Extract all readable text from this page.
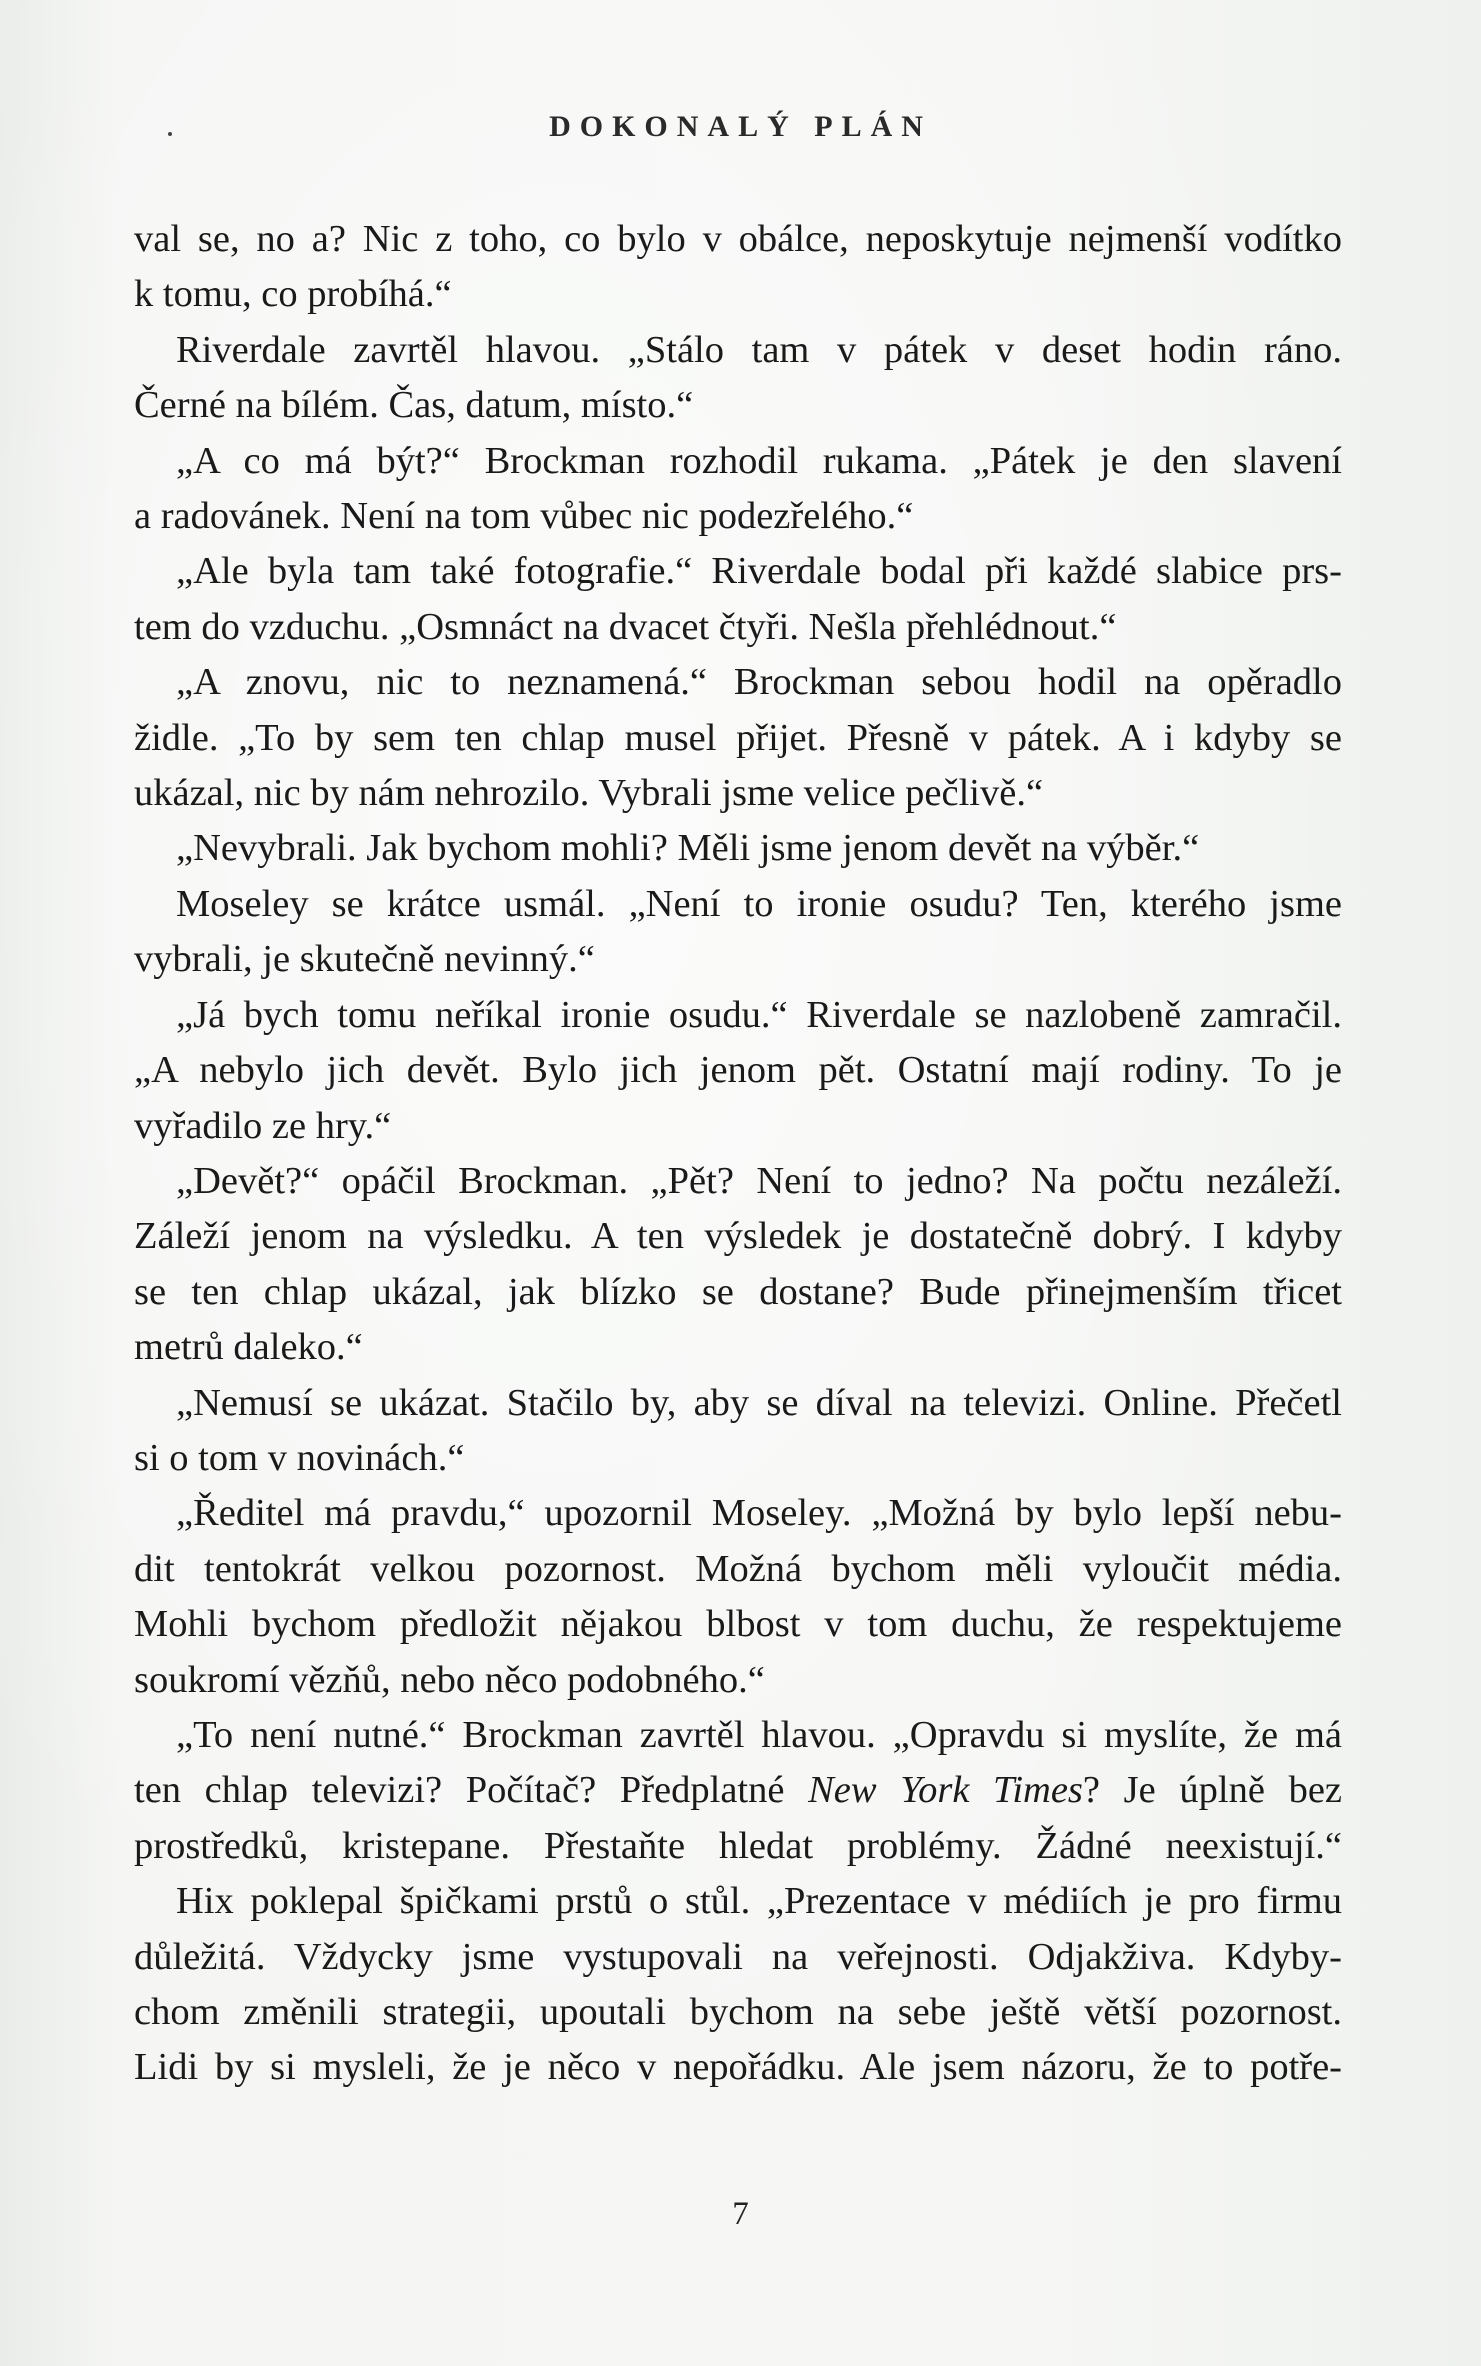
DOKONALÝ PLÁN
val se, no a? Nic z toho, co bylo v obálce, neposkytuje nejmenší vodítko
k tomu, co probíhá.“
Riverdale zavrtěl hlavou. „Stálo tam v pátek v deset hodin ráno.
Černé na bílém. Čas, datum, místo.“
„A co má být?“ Brockman rozhodil rukama. „Pátek je den slavení
a radovánek. Není na tom vůbec nic podezřelého.“
„Ale byla tam také fotografie.“ Riverdale bodal při každé slabice prs-
tem do vzduchu. „Osmnáct na dvacet čtyři. Nešla přehlédnout.“
„A znovu, nic to neznamená.“ Brockman sebou hodil na opěradlo
židle. „To by sem ten chlap musel přijet. Přesně v pátek. A i kdyby se
ukázal, nic by nám nehrozilo. Vybrali jsme velice pečlivě.“
„Nevybrali. Jak bychom mohli? Měli jsme jenom devět na výběr.“
Moseley se krátce usmál. „Není to ironie osudu? Ten, kterého jsme
vybrali, je skutečně nevinný.“
„Já bych tomu neříkal ironie osudu.“ Riverdale se nazlobeně zamračil.
„A nebylo jich devět. Bylo jich jenom pět. Ostatní mají rodiny. To je
vyřadilo ze hry.“
„Devět?“ opáčil Brockman. „Pět? Není to jedno? Na počtu nezáleží.
Záleží jenom na výsledku. A ten výsledek je dostatečně dobrý. I kdyby
se ten chlap ukázal, jak blízko se dostane? Bude přinejmenším třicet
metrů daleko.“
„Nemusí se ukázat. Stačilo by, aby se díval na televizi. Online. Přečetl
si o tom v novinách.“
„Ředitel má pravdu,“ upozornil Moseley. „Možná by bylo lepší nebu-
dit tentokrát velkou pozornost. Možná bychom měli vyloučit média.
Mohli bychom předložit nějakou blbost v tom duchu, že respektujeme
soukromí vězňů, nebo něco podobného.“
„To není nutné.“ Brockman zavrtěl hlavou. „Opravdu si myslíte, že má
ten chlap televizi? Počítač? Předplatné New York Times? Je úplně bez
prostředků, kristepane. Přestaňte hledat problémy. Žádné neexistují.“
Hix poklepal špičkami prstů o stůl. „Prezentace v médiích je pro firmu
důležitá. Vždycky jsme vystupovali na veřejnosti. Odjakživa. Kdyby-
chom změnili strategii, upoutali bychom na sebe ještě větší pozornost.
Lidi by si mysleli, že je něco v nepořádku. Ale jsem názoru, že to potře-
7
